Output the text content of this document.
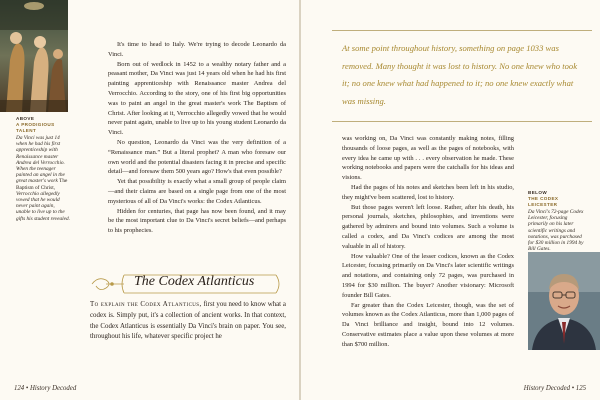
ABOVE
A PRODIGIOUS TALENT
Da Vinci was just 14 when he had his first apprenticeship with Renaissance master Andrea del Verrocchio. When the teenager painted an angel in the great master's work The Baptism of Christ, Verrocchio allegedly vowed that he would never paint again, unable to live up to the gifts his student revealed.

It's time to head to Italy. We're trying to decode Leonardo da Vinci.

Born out of wedlock in 1452 to a wealthy notary father and a peasant mother, Da Vinci was just 14 years old when he had his first painting apprenticeship with Renaissance master Andrea del Verrocchio. According to the story, one of his first big opportunities was to paint an angel in the great master's work The Baptism of Christ. After looking at it, Verrocchio allegedly vowed that he would never paint again, unable to live up to his young student Leonardo da Vinci.

No question, Leonardo da Vinci was the very definition of a “Renaissance man.” But a literal prophet? A man who foresaw our own world and the potential disasters facing it in precise and specific detail—and foresaw them 500 years ago? How's that even possible?

Yet that possibility is exactly what a small group of people claim—and their claims are based on a single page from one of the most mysterious of all of Da Vinci's works: the Codex Atlanticus.

Hidden for centuries, that page has now been found, and it may be the most important clue to Da Vinci's secret beliefs—and perhaps to his prophecies.

The Codex Atlanticus

To explain the Codex Atlanticus, first you need to know what a codex is. Simply put, it's a collection of ancient works. In that context, the Codex Atlanticus is essentially Da Vinci's brain on paper. You see, throughout his life, whatever specific project he

124 • History Decoded

At some point throughout history, something on page 1033 was removed. Many thought it was lost to history. No one knew who took it; no one knew what had happened to it; no one knew exactly what was missing.

was working on, Da Vinci was constantly making notes, filling thousands of loose pages, as well as the pages of notebooks, with every idea he came up with . . . every observation he made. These working notebooks and papers were the catchalls for his ideas and visions.

Had the pages of his notes and sketches been left in his studio, they might've been scattered, lost to history.

But those pages weren't left loose. Rather, after his death, his personal journals, sketches, philosophies, and inventions were gathered by admirers and bound into volumes. Such a volume is called a codex, and Da Vinci's codices are among the most valuable in all of history.

How valuable? One of the lesser codices, known as the Codex Leicester, focusing primarily on Da Vinci's later scientific writings and notations, and containing only 72 pages, was purchased in 1994 for $30 million. The buyer? Another visionary: Microsoft founder Bill Gates.

Far greater than the Codex Leicester, though, was the set of volumes known as the Codex Atlanticus, more than 1,000 pages of Da Vinci brilliance and insight, bound into 12 volumes. Conservative estimates place a value upon these volumes at more than $700 million.

BELOW
THE CODEX LEICESTER
Da Vinci's 72-page Codex Leicester, focusing primarily on his later scientific writings and notations, was purchased for $30 million in 1994 by Bill Gates.
History Decoded • 125
